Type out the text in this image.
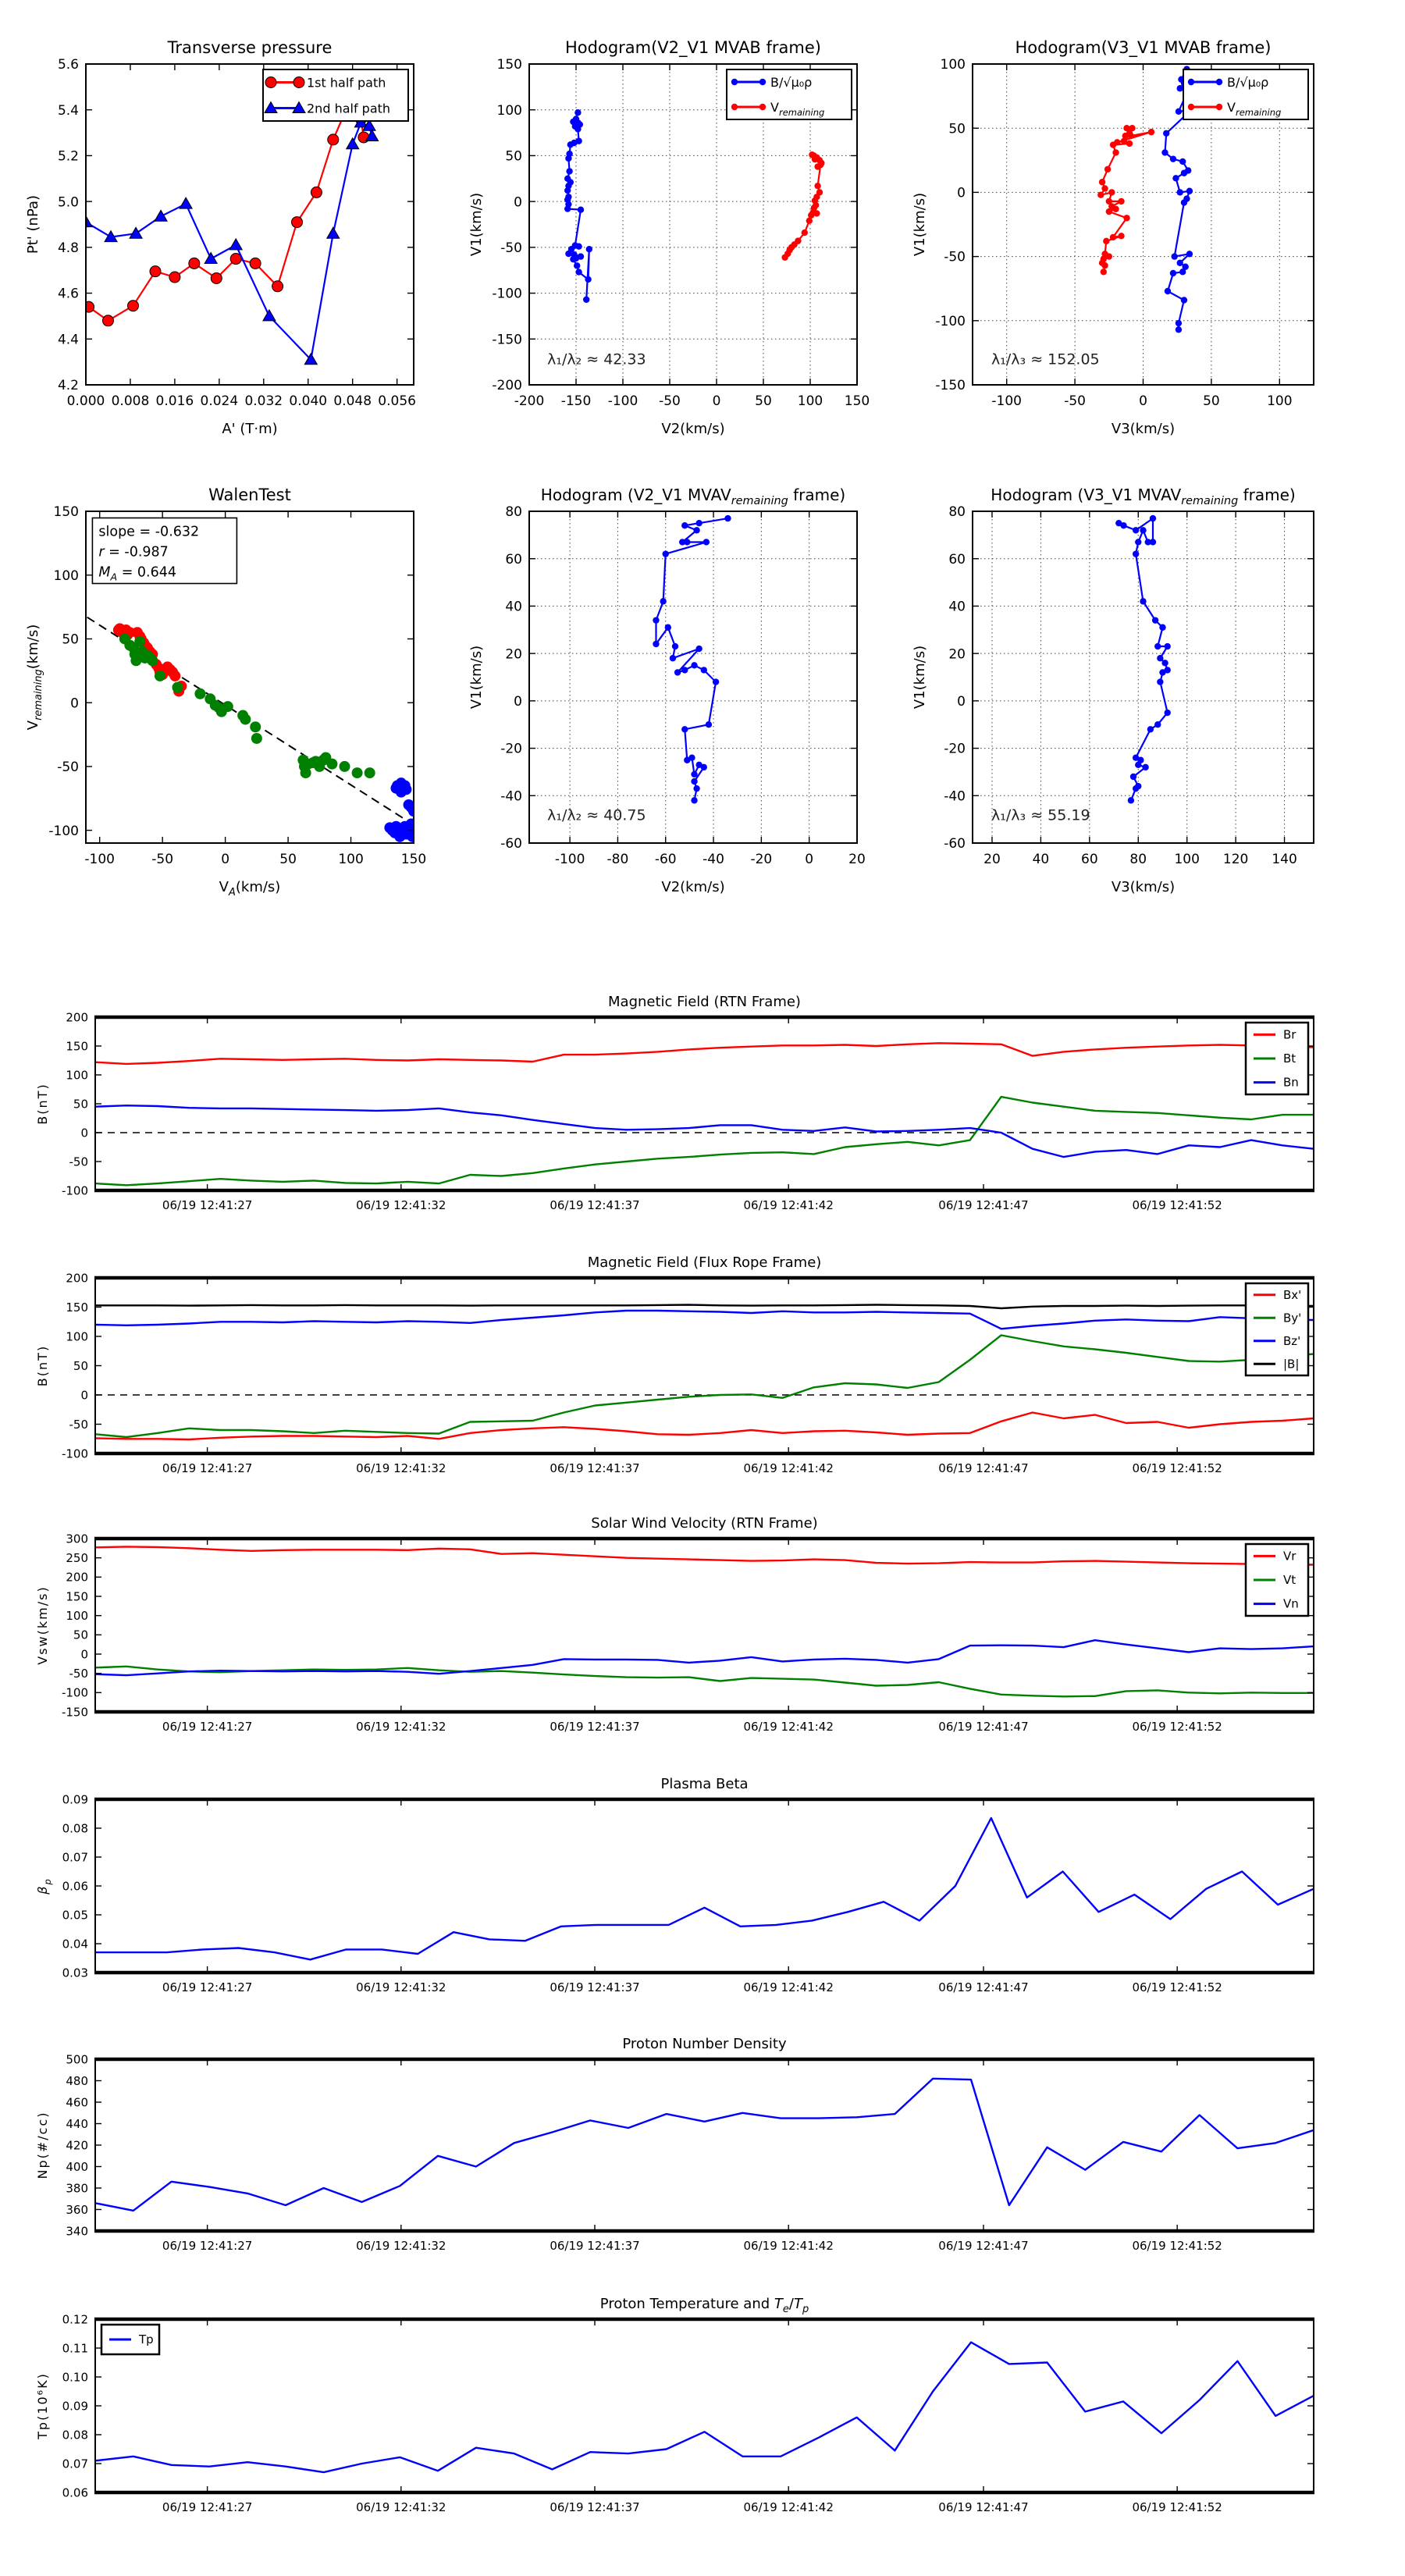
0.000 0.008 0.016 0.024 0.032 0.040 0.048 0.056
4.2
4.4
4.6
4.8
5.0
5.2
5.4
5.6
Transverse pressure
A' (T·m)
Pt' (nPa)
1st half path
2nd half path
-200 -150 -100 -50 0	50 100 150
-200
-150
-100
-50
0
50
100
150
Hodogram(V2_V1 MVAB frame)
V2(km/s)
V1(km/s)
λ₁/λ₂ ≈ 42.33
B/√μ₀ρ
$V_{remaining}$
-100	-50	0	50	100
-150
-100
-50
0
50
100
Hodogram(V3_V1 MVAB frame)
V3(km/s)
V1(km/s)
λ₁/λ₃ ≈ 152.05
B/√μ₀ρ
$V_{remaining}$
-100	-50	0	50	100	150
-100
-50
0
50
100
150
WalenTest
$V_A(km/s)$
$V_{remaining}(km/s)$
slope = -0.632
r = -0.987
$M_A = 0.644$
-100 -80 -60 -40 -20 0	20
-60
-40
-20
0
20
40
60
80
Hodogram (V2_V1 $MVAV_{remaining}$ frame)
V2(km/s)
V1(km/s)
λ₁/λ₂ ≈ 40.75
20 40 60 80 100 120 140
-60
-40
-20
0
20
40
60
80
Hodogram (V3_V1 $MVAV_{remaining}$ frame)
V3(km/s)
V1(km/s)
λ₁/λ₃ ≈ 55.19
06/19 12:41:27	06/19 12:41:32	06/19 12:41:37	06/19 12:41:42	06/19 12:41:47	06/19 12:41:52
-100
-50
0
50
100
150
200
Magnetic Field (RTN Frame)
B(nT)
Br
Bt
Bn
06/19 12:41:27	06/19 12:41:32	06/19 12:41:37	06/19 12:41:42	06/19 12:41:47	06/19 12:41:52
-100
-50
0
50
100
150
200
Magnetic Field (Flux Rope Frame)
B(nT)
Bx'
By'
Bz'
|B|
06/19 12:41:27	06/19 12:41:32	06/19 12:41:37	06/19 12:41:42	06/19 12:41:47	06/19 12:41:52
-150
-100
-50
0
50
100
150
200
250
300
Solar Wind Velocity (RTN Frame)
Vsw(km/s)
Vr
Vt
Vn
06/19 12:41:27	06/19 12:41:32	06/19 12:41:37	06/19 12:41:42	06/19 12:41:47	06/19 12:41:52
0.03
0.04
0.05
0.06
0.07
0.08
0.09
Plasma Beta
$\beta_p$
06/19 12:41:27	06/19 12:41:32	06/19 12:41:37	06/19 12:41:42	06/19 12:41:47	06/19 12:41:52
340
360
380
400
420
440
460
480
500
Proton Number Density
Np(#/cc)
06/19 12:41:27	06/19 12:41:32	06/19 12:41:37	06/19 12:41:42	06/19 12:41:47	06/19 12:41:52
0.06
0.07
0.08
0.09
0.10
0.11
0.12
Proton Temperature and $T_e/T_p$
Tp(10⁶K)
Tp
